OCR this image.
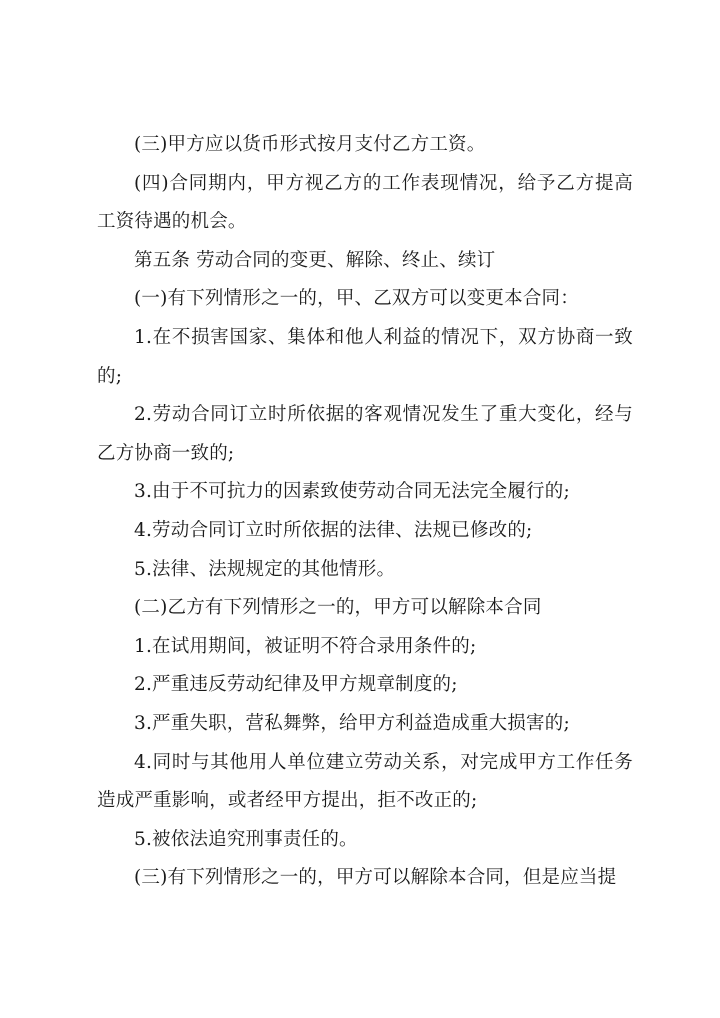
(三)甲方应以货币形式按月支付乙方工资。

(四)合同期内，甲方视乙方的工作表现情况，给予乙方提高工资待遇的机会。

第五条 劳动合同的变更、解除、终止、续订

(一)有下列情形之一的，甲、乙双方可以变更本合同：

1.在不损害国家、集体和他人利益的情况下，双方协商一致的;

2.劳动合同订立时所依据的客观情况发生了重大变化，经与乙方协商一致的;

3.由于不可抗力的因素致使劳动合同无法完全履行的;

4.劳动合同订立时所依据的法律、法规已修改的;

5.法律、法规规定的其他情形。

(二)乙方有下列情形之一的，甲方可以解除本合同

1.在试用期间，被证明不符合录用条件的;

2.严重违反劳动纪律及甲方规章制度的;

3.严重失职，营私舞弊，给甲方利益造成重大损害的;

4.同时与其他用人单位建立劳动关系，对完成甲方工作任务造成严重影响，或者经甲方提出，拒不改正的;

5.被依法追究刑事责任的。

(三)有下列情形之一的，甲方可以解除本合同，但是应当提
